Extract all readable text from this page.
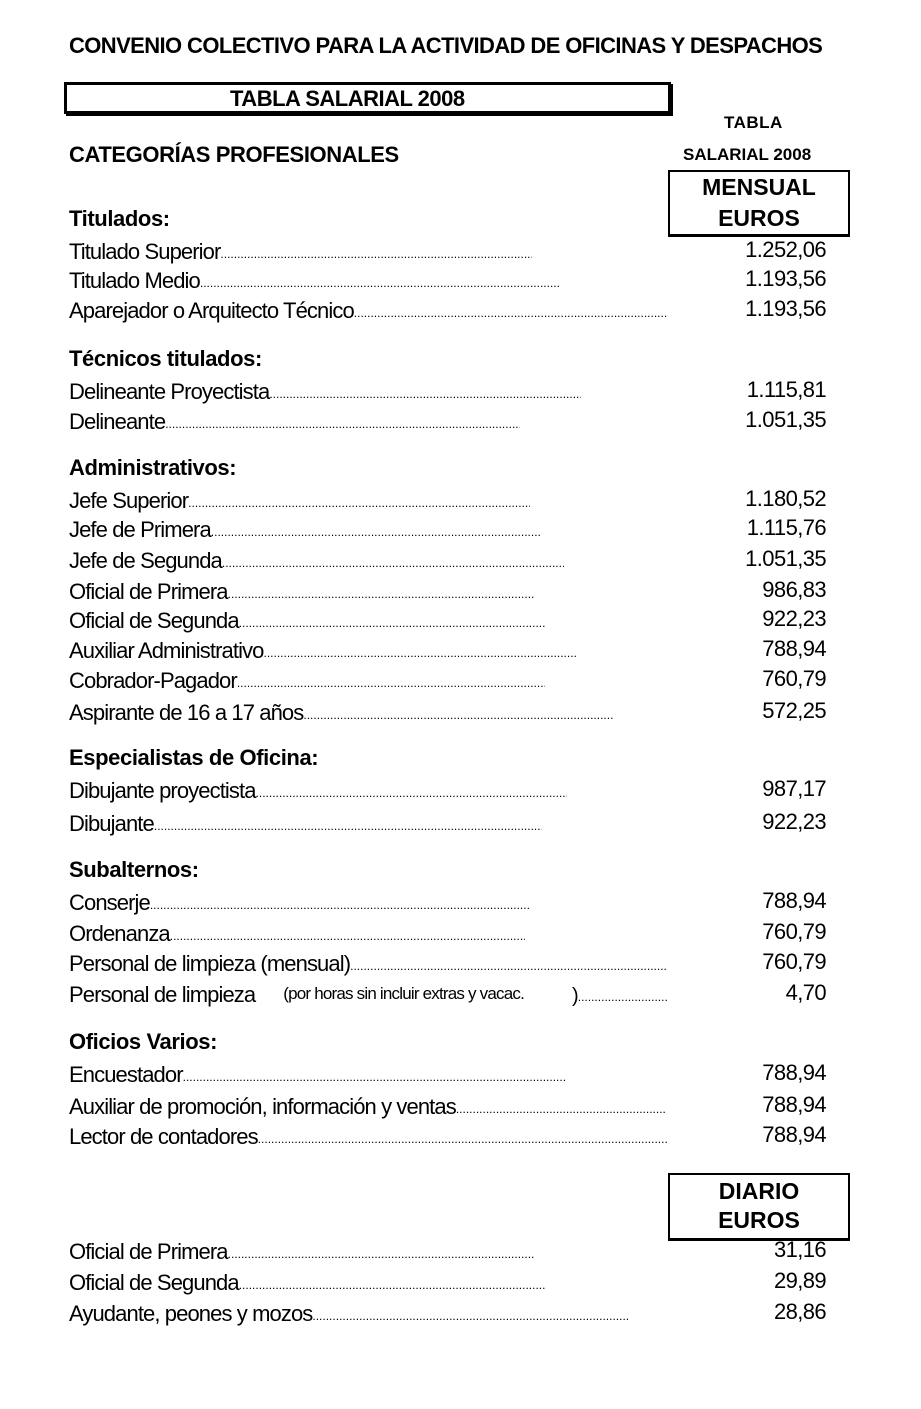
CONVENIO COLECTIVO PARA LA ACTIVIDAD DE OFICINAS Y DESPACHOS
TABLA SALARIAL 2008
TABLA
SALARIAL 2008
CATEGORÍAS PROFESIONALES
MENSUAL
EUROS
Titulados:
Titulado Superior .....	1.252,06
Titulado Medio .....	1.193,56
Aparejador o Arquitecto Técnico .....	1.193,56
Técnicos titulados:
Delineante Proyectista .....	1.115,81
Delineante .....	1.051,35
Administrativos:
Jefe Superior .....	1.180,52
Jefe de Primera .....	1.115,76
Jefe de Segunda .....	1.051,35
Oficial de Primera .....	986,83
Oficial de Segunda .....	922,23
Auxiliar Administrativo .....	788,94
Cobrador-Pagador .....	760,79
Aspirante de 16 a 17 años .....	572,25
Especialistas de Oficina:
Dibujante proyectista .....	987,17
Dibujante .....	922,23
Subalternos:
Conserje .....	788,94
Ordenanza .....	760,79
Personal de limpieza (mensual) .....	760,79
Personal de limpieza (por horas sin incluir extras y vacac. ) .....	4,70
Oficios Varios:
Encuestador .....	788,94
Auxiliar de promoción, información y ventas .....	788,94
Lector de contadores .....	788,94
DIARIO
EUROS
Oficial de Primera .....	31,16
Oficial de Segunda .....	29,89
Ayudante, peones y mozos .....	28,86
